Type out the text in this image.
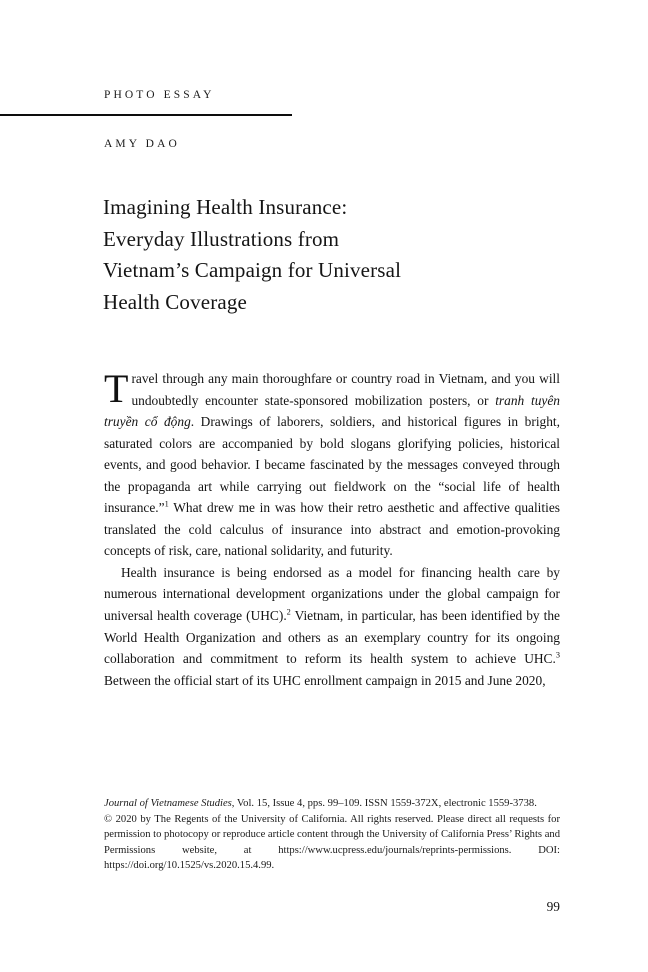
PHOTO ESSAY
AMY DAO
Imagining Health Insurance:
Everyday Illustrations from
Vietnam’s Campaign for Universal
Health Coverage

Travel through any main thoroughfare or country road in Vietnam, and you will undoubtedly encounter state-sponsored mobilization posters, or tranh tuyên truyền cổ động. Drawings of laborers, soldiers, and historical figures in bright, saturated colors are accompanied by bold slogans glorifying policies, historical events, and good behavior. I became fascinated by the messages conveyed through the propaganda art while carrying out fieldwork on the “social life of health insurance.”$^1$ What drew me in was how their retro aesthetic and affective qualities translated the cold calculus of insurance into abstract and emotion-provoking concepts of risk, care, national solidarity, and futurity.

Health insurance is being endorsed as a model for financing health care by numerous international development organizations under the global campaign for universal health coverage (UHC).$^2$ Vietnam, in particular, has been identified by the World Health Organization and others as an exemplary country for its ongoing collaboration and commitment to reform its health system to achieve UHC.$^3$ Between the official start of its UHC enrollment campaign in 2015 and June 2020,

Journal of Vietnamese Studies, Vol. 15, Issue 4, pps. 99–109. ISSN 1559-372X, electronic 1559-3738.

© 2020 by The Regents of the University of California. All rights reserved. Please direct all requests for permission to photocopy or reproduce article content through the University of California Press’ Rights and Permissions website, at https://www.ucpress.edu/journals/reprints-permissions. DOI: https://doi.org/10.1525/vs.2020.15.4.99.

99
